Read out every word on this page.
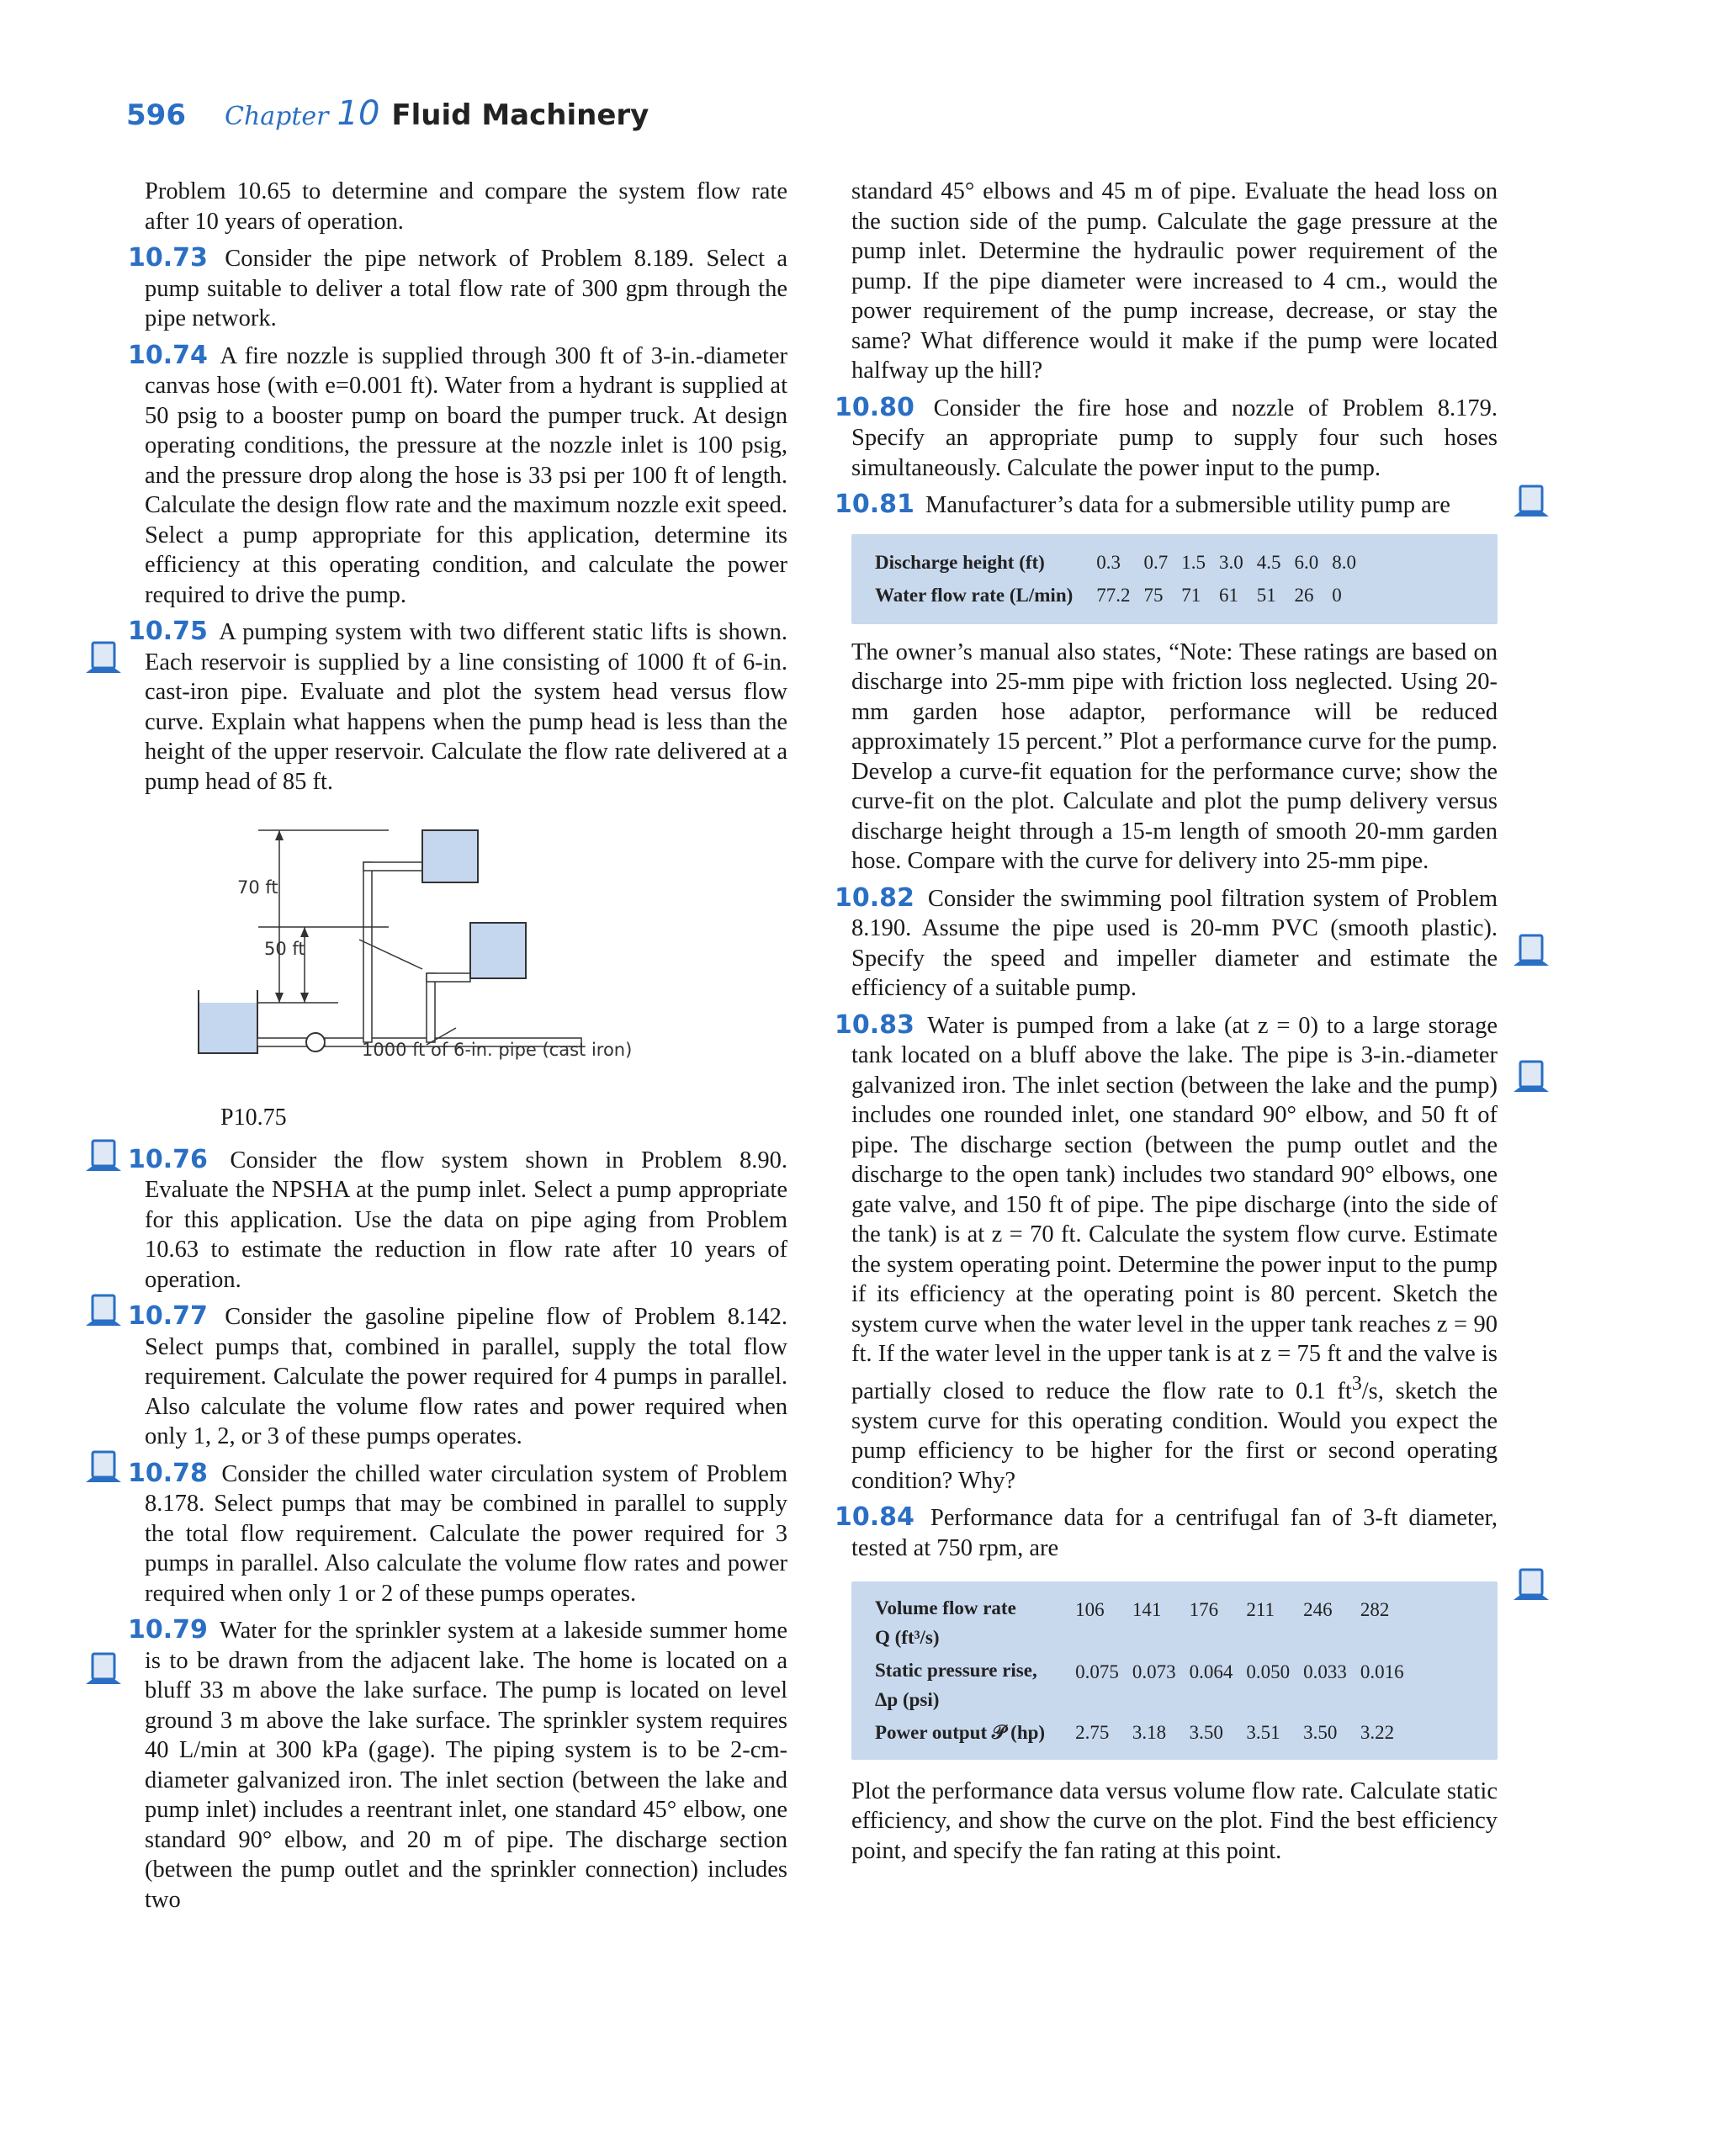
596 Chapter 10 Fluid Machinery

Problem 10.65 to determine and compare the system flow rate after 10 years of operation.

10.73 Consider the pipe network of Problem 8.189. Select a pump suitable to deliver a total flow rate of 300 gpm through the pipe network.

10.74 A fire nozzle is supplied through 300 ft of 3-in.-diameter canvas hose (with e=0.001 ft). Water from a hydrant is supplied at 50 psig to a booster pump on board the pumper truck. At design operating conditions, the pressure at the nozzle inlet is 100 psig, and the pressure drop along the hose is 33 psi per 100 ft of length. Calculate the design flow rate and the maximum nozzle exit speed. Select a pump appropriate for this application, determine its efficiency at this operating condition, and calculate the power required to drive the pump.

10.75 A pumping system with two different static lifts is shown. Each reservoir is supplied by a line consisting of 1000 ft of 6-in. cast-iron pipe. Evaluate and plot the system head versus flow curve. Explain what happens when the pump head is less than the height of the upper reservoir. Calculate the flow rate delivered at a pump head of 85 ft.

70 ft
50 ft
1000 ft of 6-in. pipe (cast iron)
P10.75

10.76 Consider the flow system shown in Problem 8.90. Evaluate the NPSHA at the pump inlet. Select a pump appropriate for this application. Use the data on pipe aging from Problem 10.63 to estimate the reduction in flow rate after 10 years of operation.

10.77 Consider the gasoline pipeline flow of Problem 8.142. Select pumps that, combined in parallel, supply the total flow requirement. Calculate the power required for 4 pumps in parallel. Also calculate the volume flow rates and power required when only 1, 2, or 3 of these pumps operates.

10.78 Consider the chilled water circulation system of Problem 8.178. Select pumps that may be combined in parallel to supply the total flow requirement. Calculate the power required for 3 pumps in parallel. Also calculate the volume flow rates and power required when only 1 or 2 of these pumps operates.

10.79 Water for the sprinkler system at a lakeside summer home is to be drawn from the adjacent lake. The home is located on a bluff 33 m above the lake surface. The pump is located on level ground 3 m above the lake surface. The sprinkler system requires 40 L/min at 300 kPa (gage). The piping system is to be 2-cm-diameter galvanized iron. The inlet section (between the lake and pump inlet) includes a reentrant inlet, one standard 45° elbow, one standard 90° elbow, and 20 m of pipe. The discharge section (between the pump outlet and the sprinkler connection) includes two

standard 45° elbows and 45 m of pipe. Evaluate the head loss on the suction side of the pump. Calculate the gage pressure at the pump inlet. Determine the hydraulic power requirement of the pump. If the pipe diameter were increased to 4 cm., would the power requirement of the pump increase, decrease, or stay the same? What difference would it make if the pump were located halfway up the hill?

10.80 Consider the fire hose and nozzle of Problem 8.179. Specify an appropriate pump to supply four such hoses simultaneously. Calculate the power input to the pump.

10.81 Manufacturer’s data for a submersible utility pump are

Discharge height (ft)	0.3	0.7	1.5	3.0	4.5	6.0	8.0
Water flow rate (L/min)	77.2	75	71	61	51	26	0

The owner’s manual also states, “Note: These ratings are based on discharge into 25-mm pipe with friction loss neglected. Using 20-mm garden hose adaptor, performance will be reduced approximately 15 percent.” Plot a performance curve for the pump. Develop a curve-fit equation for the performance curve; show the curve-fit on the plot. Calculate and plot the pump delivery versus discharge height through a 15-m length of smooth 20-mm garden hose. Compare with the curve for delivery into 25-mm pipe.

10.82 Consider the swimming pool filtration system of Problem 8.190. Assume the pipe used is 20-mm PVC (smooth plastic). Specify the speed and impeller diameter and estimate the efficiency of a suitable pump.

10.83 Water is pumped from a lake (at z = 0) to a large storage tank located on a bluff above the lake. The pipe is 3-in.-diameter galvanized iron. The inlet section (between the lake and the pump) includes one rounded inlet, one standard 90° elbow, and 50 ft of pipe. The discharge section (between the pump outlet and the discharge to the open tank) includes two standard 90° elbows, one gate valve, and 150 ft of pipe. The pipe discharge (into the side of the tank) is at z = 70 ft. Calculate the system flow curve. Estimate the system operating point. Determine the power input to the pump if its efficiency at the operating point is 80 percent. Sketch the system curve when the water level in the upper tank reaches z = 90 ft. If the water level in the upper tank is at z = 75 ft and the valve is partially closed to reduce the flow rate to 0.1 $ft^3/s$, sketch the system curve for this operating condition. Would you expect the pump efficiency to be higher for the first or second operating condition? Why?

10.84 Performance data for a centrifugal fan of 3-ft diameter, tested at 750 rpm, are

Volume flow rate
Q (ft³/s)	106	141	176	211	246	282

Static pressure rise,
Δp (psi)	0.075	0.073	0.064	0.050	0.033	0.016
Power output 𝒫 (hp)	2.75	3.18	3.50	3.51	3.50	3.22

Plot the performance data versus volume flow rate. Calculate static efficiency, and show the curve on the plot. Find the best efficiency point, and specify the fan rating at this point.
